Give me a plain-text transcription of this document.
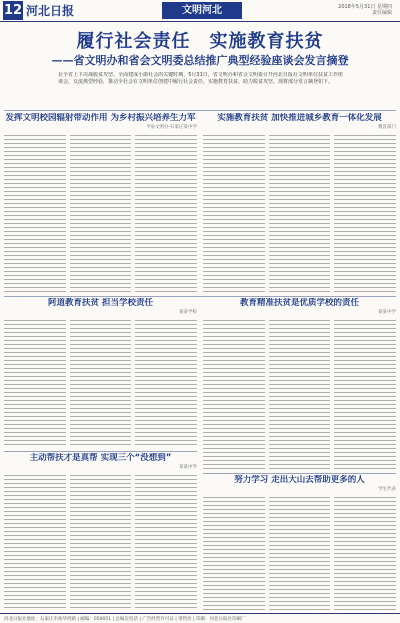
12 河北日报	文明河北	2018年5月31日 星期四
责任编辑
履行社会责任　实施教育扶贫
——省文明办和省会文明委总结推广典型经验座谈会发言摘登
在全省上下决战脱贫攻坚、全面建成小康社会的关键时期，5月31日，省文明办和省会文明委召开河北日报社文明单位扶贫工作座谈会，交流典型经验，推动全社会在文明单位创建中履行社会责任，实施教育扶贫，助力脱贫攻坚。现将部分发言摘登如下。
发挥文明校园辐射带动作用 为乡村振兴培养生力军
平泉文明办·石家庄某中学
实施教育扶贫 加快推进城乡教育一体化发展
教育部门
阿道教育扶贫 担当学校责任
某某学校
教育精准扶贫是优质学校的责任
某某中学
主动帮扶才是真帮 实现三个“没想到”
某某中学
努力学习 走出大山去帮助更多的人
学生代表
河北日报社地址：石家庄市裕华西路 | 邮编：050051 | 总编室电话 | 广告经营许可证 | 零售价 | 印刷：河北日报社印刷厂
